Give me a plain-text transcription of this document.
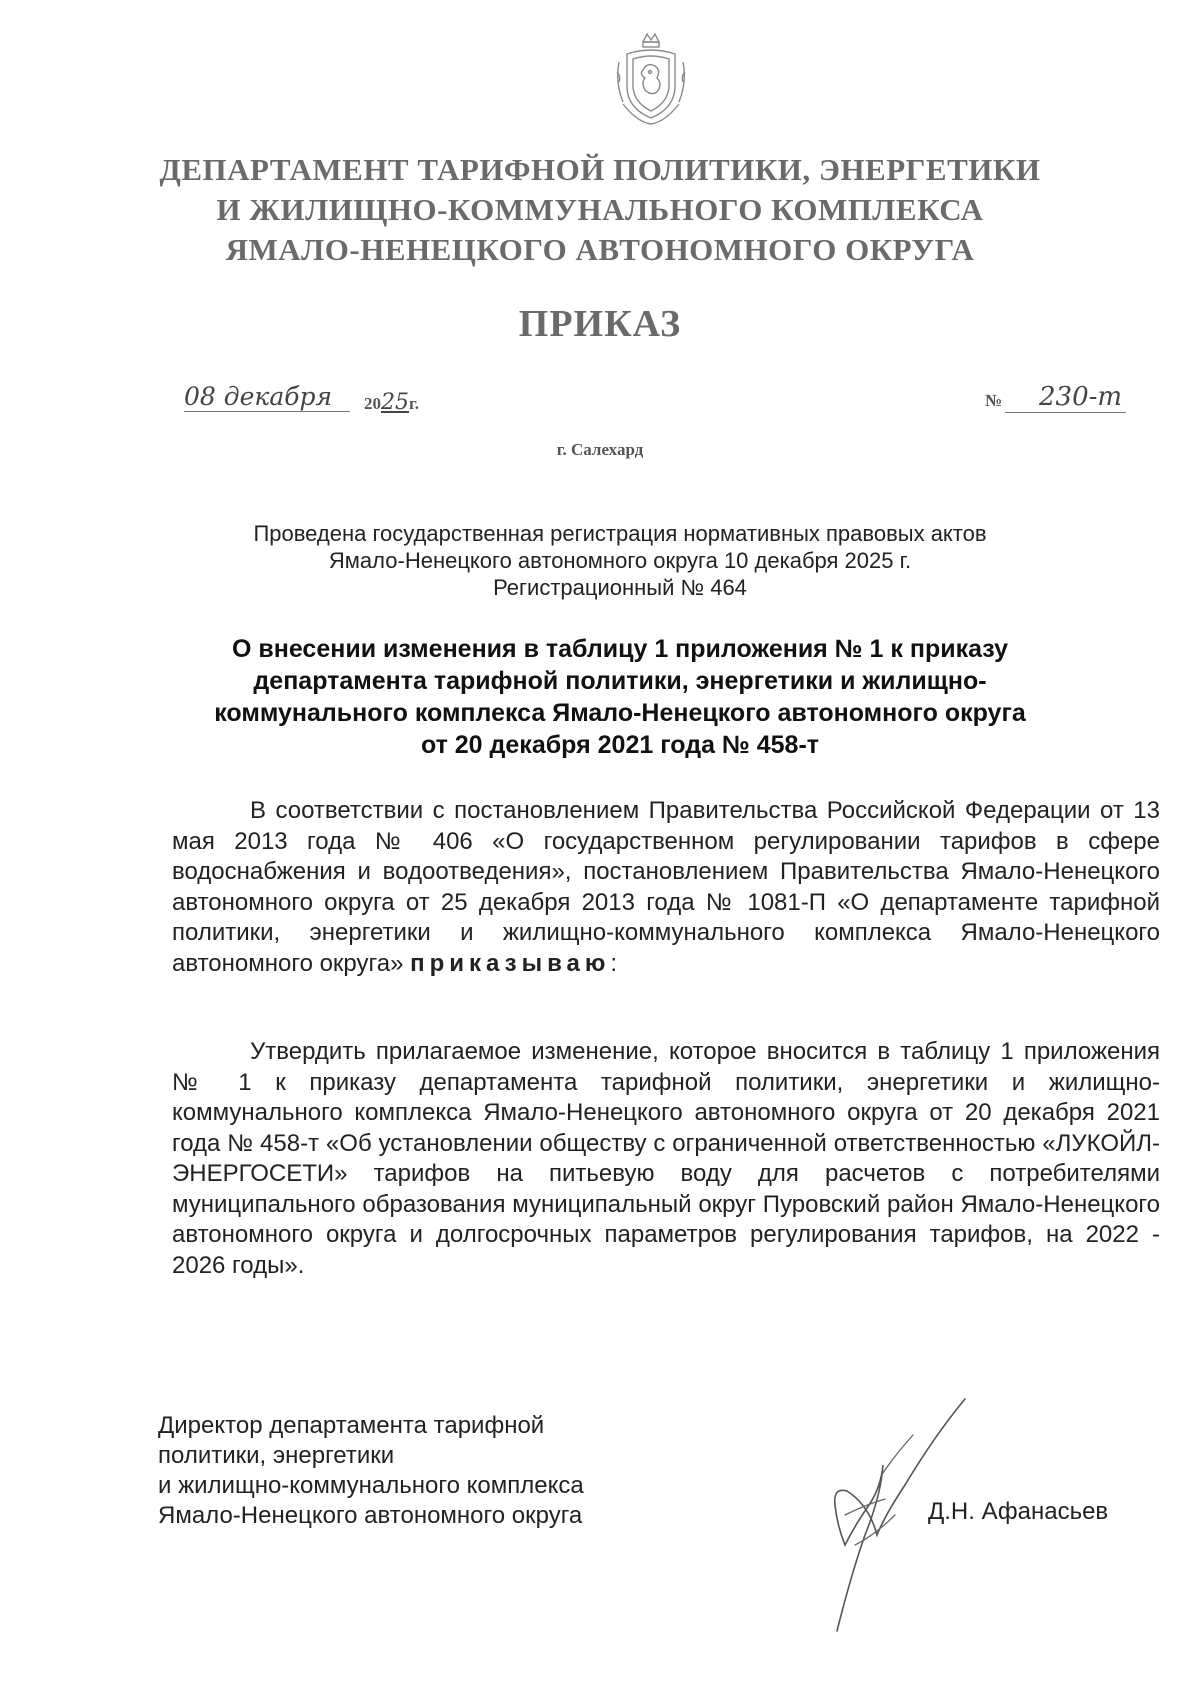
ДЕПАРТАМЕНТ ТАРИФНОЙ ПОЛИТИКИ, ЭНЕРГЕТИКИ
И ЖИЛИЩНО-КОММУНАЛЬНОГО КОМПЛЕКСА
ЯМАЛО-НЕНЕЦКОГО АВТОНОМНОГО ОКРУГА
ПРИКАЗ
08 декабря	2025г.	№	230-т
г. Салехард
Проведена государственная регистрация нормативных правовых актов
Ямало-Ненецкого автономного округа 10 декабря 2025 г.
Регистрационный № 464
О внесении изменения в таблицу 1 приложения № 1 к приказу
департамента тарифной политики, энергетики и жилищно-
коммунального комплекса Ямало-Ненецкого автономного округа
от 20 декабря 2021 года № 458-т
В соответствии с постановлением Правительства Российской Федерации от 13 мая 2013 года № 406 «О государственном регулировании тарифов в сфере водоснабжения и водоотведения», постановлением Правительства Ямало-Ненецкого автономного округа от 25 декабря 2013 года № 1081-П «О департаменте тарифной политики, энергетики и жилищно-коммунального комплекса Ямало-Ненецкого автономного округа» приказываю:
Утвердить прилагаемое изменение, которое вносится в таблицу 1 приложения № 1 к приказу департамента тарифной политики, энергетики и жилищно-коммунального комплекса Ямало-Ненецкого автономного округа от 20 декабря 2021 года № 458-т «Об установлении обществу с ограниченной ответственностью «ЛУКОЙЛ-ЭНЕРГОСЕТИ» тарифов на питьевую воду для расчетов с потребителями муниципального образования муниципальный округ Пуровский район Ямало-Ненецкого автономного округа и долгосрочных параметров регулирования тарифов, на 2022 - 2026 годы».
Директор департамента тарифной
политики, энергетики
и жилищно-коммунального комплекса
Ямало-Ненецкого автономного округа	Д.Н. Афанасьев
